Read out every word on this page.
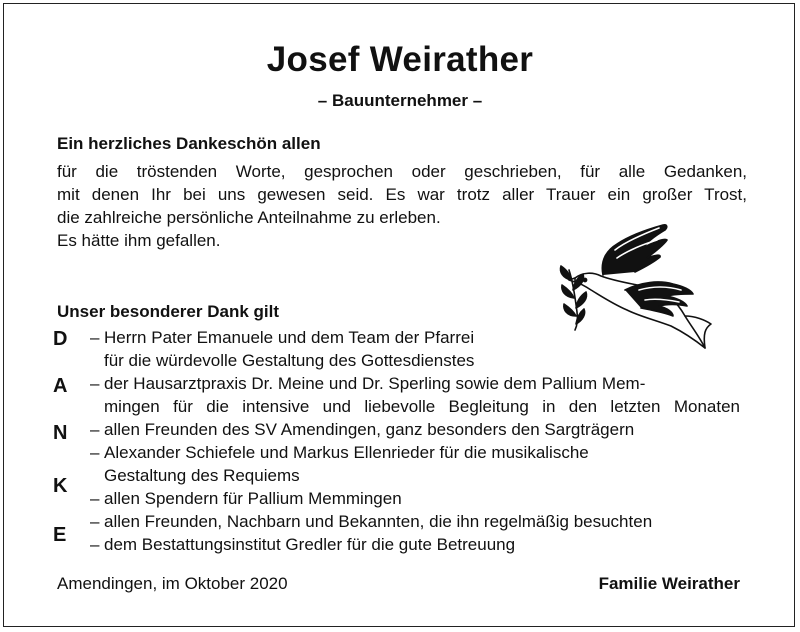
Josef Weirather
– Bauunternehmer –
Ein herzliches Dankeschön allen
für die tröstenden Worte, gesprochen oder geschrieben, für alle Gedanken,
mit denen Ihr bei uns gewesen seid. Es war trotz aller Trauer ein großer Trost,
die zahlreiche persönliche Anteilnahme zu erleben.
Es hätte ihm gefallen.
Unser besonderer Dank gilt
D
A
N
K
E
– Herrn Pater Emanuele und dem Team der Pfarrei
für die würdevolle Gestaltung des Gottesdienstes
– der Hausarztpraxis Dr. Meine und Dr. Sperling sowie dem Pallium Mem-
mingen für die intensive und liebevolle Begleitung in den letzten Monaten
– allen Freunden des SV Amendingen, ganz besonders den Sargträgern
– Alexander Schiefele und Markus Ellenrieder für die musikalische
Gestaltung des Requiems
– allen Spendern für Pallium Memmingen
– allen Freunden, Nachbarn und Bekannten, die ihn regelmäßig besuchten
– dem Bestattungsinstitut Gredler für die gute Betreuung
Amendingen, im Oktober 2020	Familie Weirather
